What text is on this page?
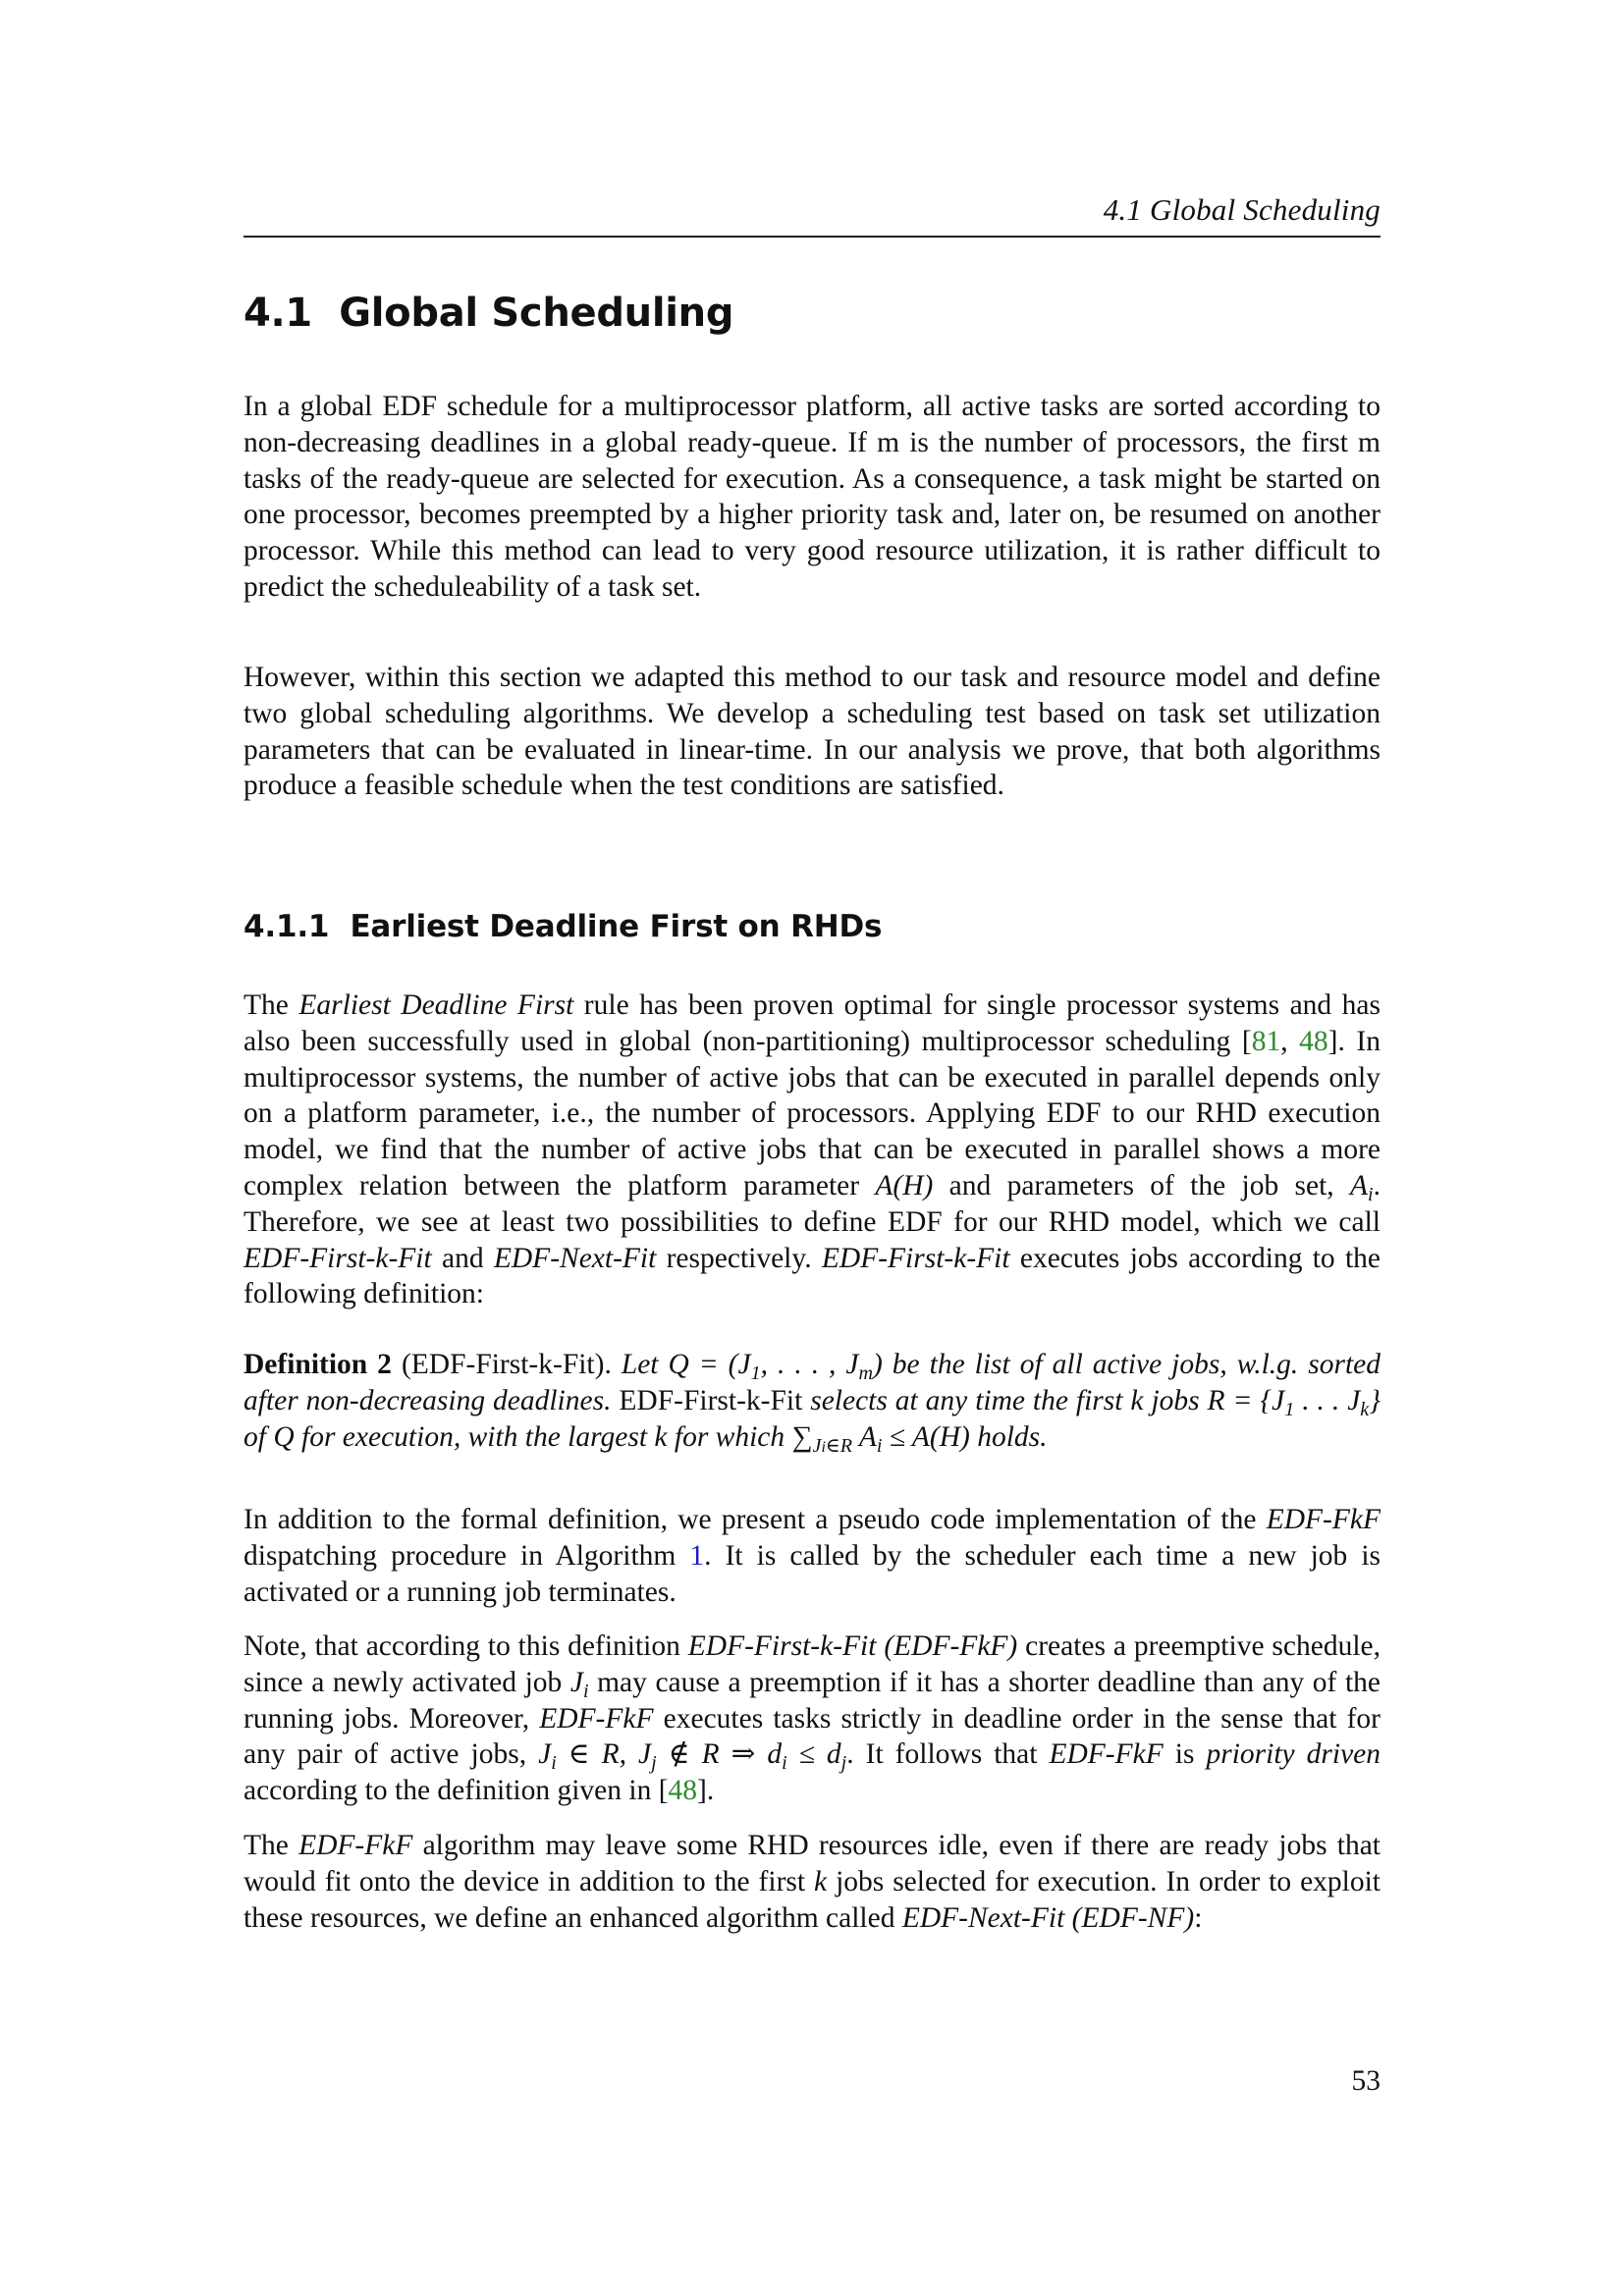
4.1 Global Scheduling
4.1 Global Scheduling

In a global EDF schedule for a multiprocessor platform, all active tasks are sorted according to non-decreasing deadlines in a global ready-queue. If m is the number of processors, the first m tasks of the ready-queue are selected for execution. As a consequence, a task might be started on one processor, becomes preempted by a higher priority task and, later on, be resumed on another processor. While this method can lead to very good resource utilization, it is rather difficult to predict the scheduleability of a task set.

However, within this section we adapted this method to our task and resource model and define two global scheduling algorithms. We develop a scheduling test based on task set utilization parameters that can be evaluated in linear-time. In our analysis we prove, that both algorithms produce a feasible schedule when the test conditions are satisfied.

4.1.1 Earliest Deadline First on RHDs

The Earliest Deadline First rule has been proven optimal for single processor systems and has also been successfully used in global (non-partitioning) multiprocessor scheduling [81, 48]. In multiprocessor systems, the number of active jobs that can be executed in parallel depends only on a platform parameter, i.e., the number of processors. Applying EDF to our RHD execution model, we find that the number of active jobs that can be executed in parallel shows a more complex relation between the platform parameter A(H) and parameters of the job set, $A_i$. Therefore, we see at least two possibilities to define EDF for our RHD model, which we call EDF-First-k-Fit and EDF-Next-Fit respectively. EDF-First-k-Fit executes jobs according to the following definition:

Definition 2 (EDF-First-k-Fit). Let $Q = (J_1$, . . . , $J_m$) be the list of all active jobs, w.l.g. sorted after non-decreasing deadlines. EDF-First-k-Fit selects at any time the first k jobs $R = \{J_1$ . . . $J_k$} of Q for execution, with the largest k for which $\sum_{Ji\in R}$ $A_i \le A(H)$ holds.

In addition to the formal definition, we present a pseudo code implementation of the EDF-FkF dispatching procedure in Algorithm 1. It is called by the scheduler each time a new job is activated or a running job terminates.

Note, that according to this definition EDF-First-k-Fit (EDF-FkF) creates a preemptive schedule, since a newly activated job $J_i$ may cause a preemption if it has a shorter deadline than any of the running jobs. Moreover, EDF-FkF executes tasks strictly in deadline order in the sense that for any pair of active jobs, $J_i$ ∈ R, $J_j$ ∉ R ⇒ $d_i \le d_j$. It follows that EDF-FkF is priority driven according to the definition given in [48].

The EDF-FkF algorithm may leave some RHD resources idle, even if there are ready jobs that would fit onto the device in addition to the first k jobs selected for execution. In order to exploit these resources, we define an enhanced algorithm called EDF-Next-Fit (EDF-NF):

53
